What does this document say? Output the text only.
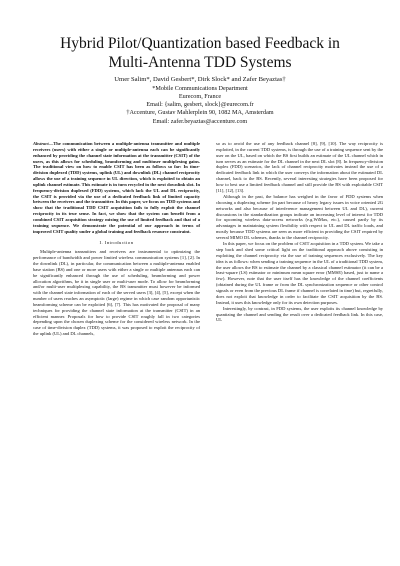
Hybrid Pilot/Quantization based Feedback in
Multi-Antenna TDD Systems
Umer Salim*, David Gesbert*, Dirk Slock* and Zafer Beyaztas†
*Mobile Communications Department
Eurecom, France
Email: {salim, gesbert, slock}@eurecom.fr
†Accenture, Gustav Mahlerplein 90, 1082 MA, Amsterdam
Email: zafer.beyaztas@accenture.com
Abstract—The communication between a multiple-antenna transmitter and multiple receivers (users) with either a single or multiple-antenna each can be significantly enhanced by providing the channel state information at the transmitter (CSIT) of the users, as this allows for scheduling, beamforming and multiuser multiplexing gains. The traditional view on how to enable CSIT has been as follows so far: In time-division duplexed (TDD) systems, uplink (UL) and downlink (DL) channel reciprocity allows the use of a training sequence in UL direction, which is exploited to obtain an uplink channel estimate. This estimate is in turn recycled in the next downlink slot. In frequency-division duplexed (FDD) systems, which lack the UL and DL reciprocity, the CSIT is provided via the use of a dedicated feedback link of limited capacity between the receivers and the transmitter. In this paper, we focus on TDD systems and show that the traditional TDD CSIT acquisition fails to fully exploit the channel reciprocity in its true sense. In fact, we show that the system can benefit from a combined CSIT acquisition strategy mixing the use of limited feedback and that of a training sequence. We demonstrate the potential of our approach in terms of improved CSIT quality under a global training and feedback resource constraint.
I. Introduction

Multiple-antenna transmitters and receivers are instrumental to optimizing the performance of bandwidth and power limited wireless communication systems [1], [2]. In the downlink (DL), in particular, the communication between a multiple-antenna enabled base station (BS) and one or more users with either a single or multiple antennas each can be significantly enhanced through the use of scheduling, beamforming and power allocation algorithms, be it in single user or multi-user mode. To allow for beamforming and/or multi-user multiplexing capability, the BS transmitter must however be informed with the channel state information of each of the served users [3], [4], [5], except when the number of users reaches an asymptotic (large) regime in which case random opportunistic beamforming scheme can be exploited [6], [7]. This has motivated the proposal of many techniques for providing the channel state information at the transmitter (CSIT) in an efficient manner. Proposals for how to provide CSIT roughly fall in two categories depending upon the chosen duplexing scheme for the considered wireless network. In the case of time-division duplex (TDD) systems, it was proposed to exploit the reciprocity of the uplink (UL) and DL channels,

so as to avoid the use of any feedback channel [8], [9], [10]. The way reciprocity is exploited, in the current TDD systems, is through the use of a training sequence sent by the user on the UL, based on which the BS first builds an estimate of the UL channel which in turn serves as an estimate for the DL channel in the next DL slot [8]. In frequency-division duplex (FDD) scenarios, the lack of channel reciprocity motivates instead the use of a dedicated feedback link in which the user conveys the information about the estimated DL channel, back to the BS. Recently, several interesting strategies have been proposed for how to best use a limited feedback channel and still provide the BS with exploitable CSIT [11], [12], [13].

Although in the past, the balance has weighed in the favor of FDD systems when choosing a duplexing scheme (in part because of heavy legacy issues in voice oriented 2G networks and also because of interference management between UL and DL), current discussions in the standardization groups indicate an increasing level of interest for TDD for upcoming wireless data-access networks (e.g.WiMax, etc.), caused partly by its advantages in maintaining system flexibility with respect to UL and DL traffic loads, and mostly because TDD systems are seen as more efficient in providing the CSIT required by several MIMO DL schemes, thanks to the channel reciprocity.

In this paper, we focus on the problem of CSIT acquisition in a TDD system. We take a step back and shed some critical light on the traditional approach above consisting in exploiting the channel reciprocity via the use of training sequences exclusively. The key idea is as follows: when sending a training sequence in the UL of a traditional TDD system, the user allows the BS to estimate the channel by a classical channel estimator (it can be a least-square (LS) estimator or minimum mean square error (MMSE) based, just to name a few). However, note that the user itself has the knowledge of the channel coefficients (obtained during the UL frame or from the DL synchronization sequence or other control signals or even from the previous DL frame if channel is correlated in time) but, regretfully, does not exploit that knowledge in order to facilitate the CSIT acquisition by the BS. Instead, it uses this knowledge only for its own detection purposes.

Interestingly, by contrast, in FDD systems, the user exploits its channel knowledge by quantizing the channel and sending the result over a dedicated feedback link. In this case, UL
